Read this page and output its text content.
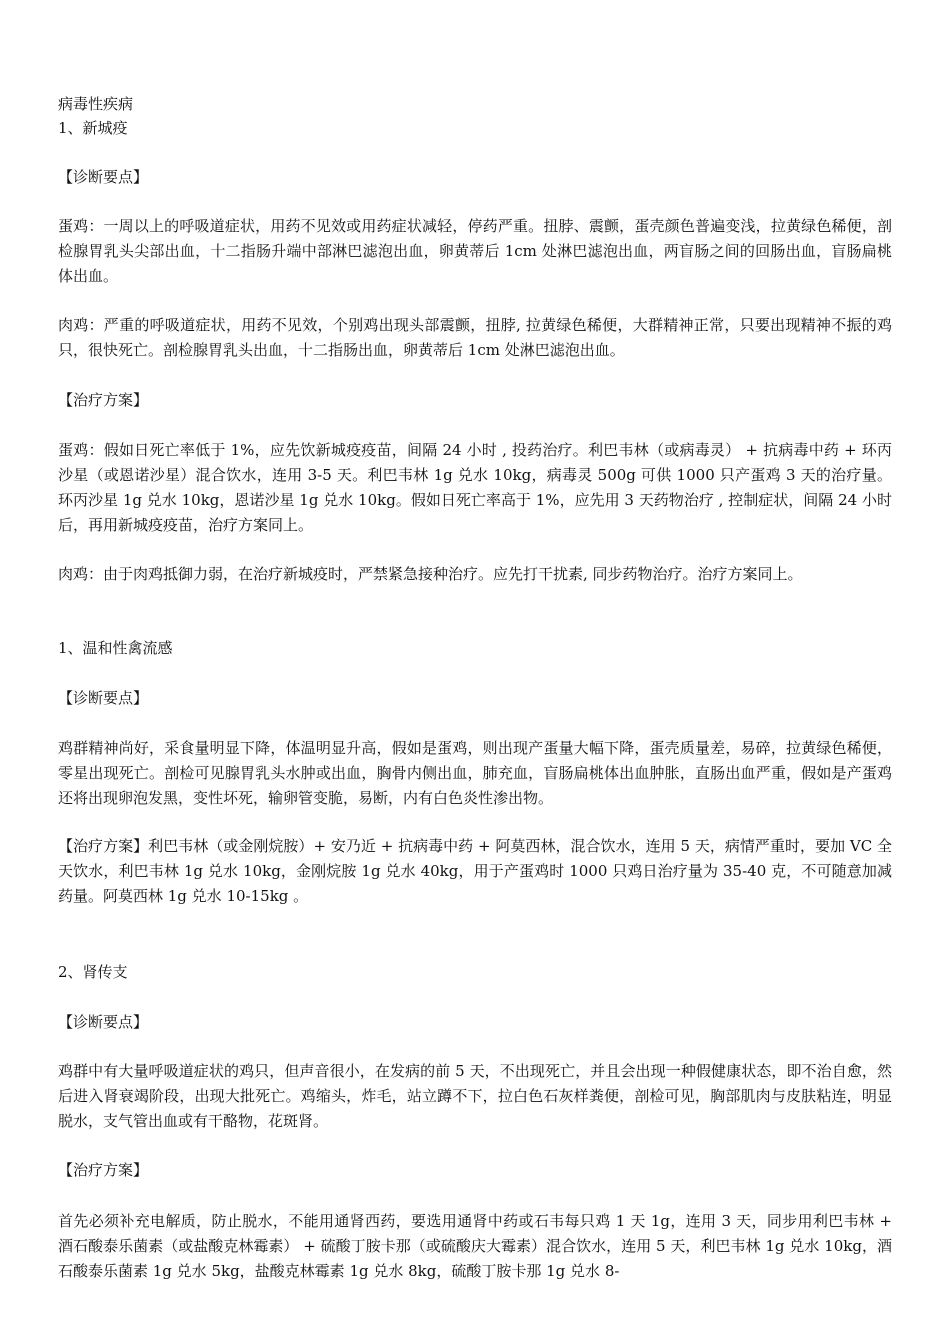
病毒性疾病

1、新城疫

【诊断要点】

蛋鸡：一周以上的呼吸道症状，用药不见效或用药症状减轻，停药严重。扭脖、震颤，蛋壳颜色普遍变浅，拉黄绿色稀便，剖检腺胃乳头尖部出血，十二指肠升端中部淋巴滤泡出血，卵黄蒂后 1cm 处淋巴滤泡出血，两盲肠之间的回肠出血，盲肠扁桃体出血。

肉鸡：严重的呼吸道症状，用药不见效，个别鸡出现头部震颤，扭脖, 拉黄绿色稀便，大群精神正常，只要出现精神不振的鸡只，很快死亡。剖检腺胃乳头出血，十二指肠出血，卵黄蒂后 1cm 处淋巴滤泡出血。

【治疗方案】

蛋鸡：假如日死亡率低于 1%，应先饮新城疫疫苗，间隔 24 小时 , 投药治疗。利巴韦林（或病毒灵） + 抗病毒中药 + 环丙沙星（或恩诺沙星）混合饮水，连用 3-5 天。利巴韦林 1g 兑水 10kg，病毒灵 500g 可供 1000 只产蛋鸡 3 天的治疗量。环丙沙星 1g 兑水 10kg，恩诺沙星 1g 兑水 10kg。假如日死亡率高于 1%，应先用 3 天药物治疗 , 控制症状，间隔 24 小时后，再用新城疫疫苗，治疗方案同上。

肉鸡：由于肉鸡抵御力弱，在治疗新城疫时，严禁紧急接种治疗。应先打干扰素, 同步药物治疗。治疗方案同上。

1、温和性禽流感

【诊断要点】

鸡群精神尚好，采食量明显下降，体温明显升高，假如是蛋鸡，则出现产蛋量大幅下降，蛋壳质量差，易碎，拉黄绿色稀便，零星出现死亡。剖检可见腺胃乳头水肿或出血，胸骨内侧出血，肺充血，盲肠扁桃体出血肿胀，直肠出血严重，假如是产蛋鸡还将出现卵泡发黑，变性坏死，输卵管变脆，易断，内有白色炎性渗出物。

【治疗方案】利巴韦林（或金刚烷胺）+ 安乃近 + 抗病毒中药 + 阿莫西林，混合饮水，连用 5 天，病情严重时，要加 VC 全天饮水，利巴韦林 1g 兑水 10kg，金刚烷胺 1g 兑水 40kg，用于产蛋鸡时 1000 只鸡日治疗量为 35-40 克，不可随意加减药量。阿莫西林 1g 兑水 10-15kg 。

2、肾传支

【诊断要点】

鸡群中有大量呼吸道症状的鸡只，但声音很小，在发病的前 5 天，不出现死亡，并且会出现一种假健康状态，即不治自愈，然后进入肾衰竭阶段，出现大批死亡。鸡缩头，炸毛，站立蹲不下，拉白色石灰样粪便，剖检可见，胸部肌肉与皮肤粘连，明显脱水，支气管出血或有干酪物，花斑肾。

【治疗方案】

首先必须补充电解质，防止脱水，不能用通肾西药，要选用通肾中药或石韦每只鸡 1 天 1g，连用 3 天，同步用利巴韦林 + 酒石酸泰乐菌素（或盐酸克林霉素） + 硫酸丁胺卡那（或硫酸庆大霉素）混合饮水，连用 5 天，利巴韦林 1g 兑水 10kg，酒石酸泰乐菌素 1g 兑水 5kg，盐酸克林霉素 1g 兑水 8kg，硫酸丁胺卡那 1g 兑水 8-
